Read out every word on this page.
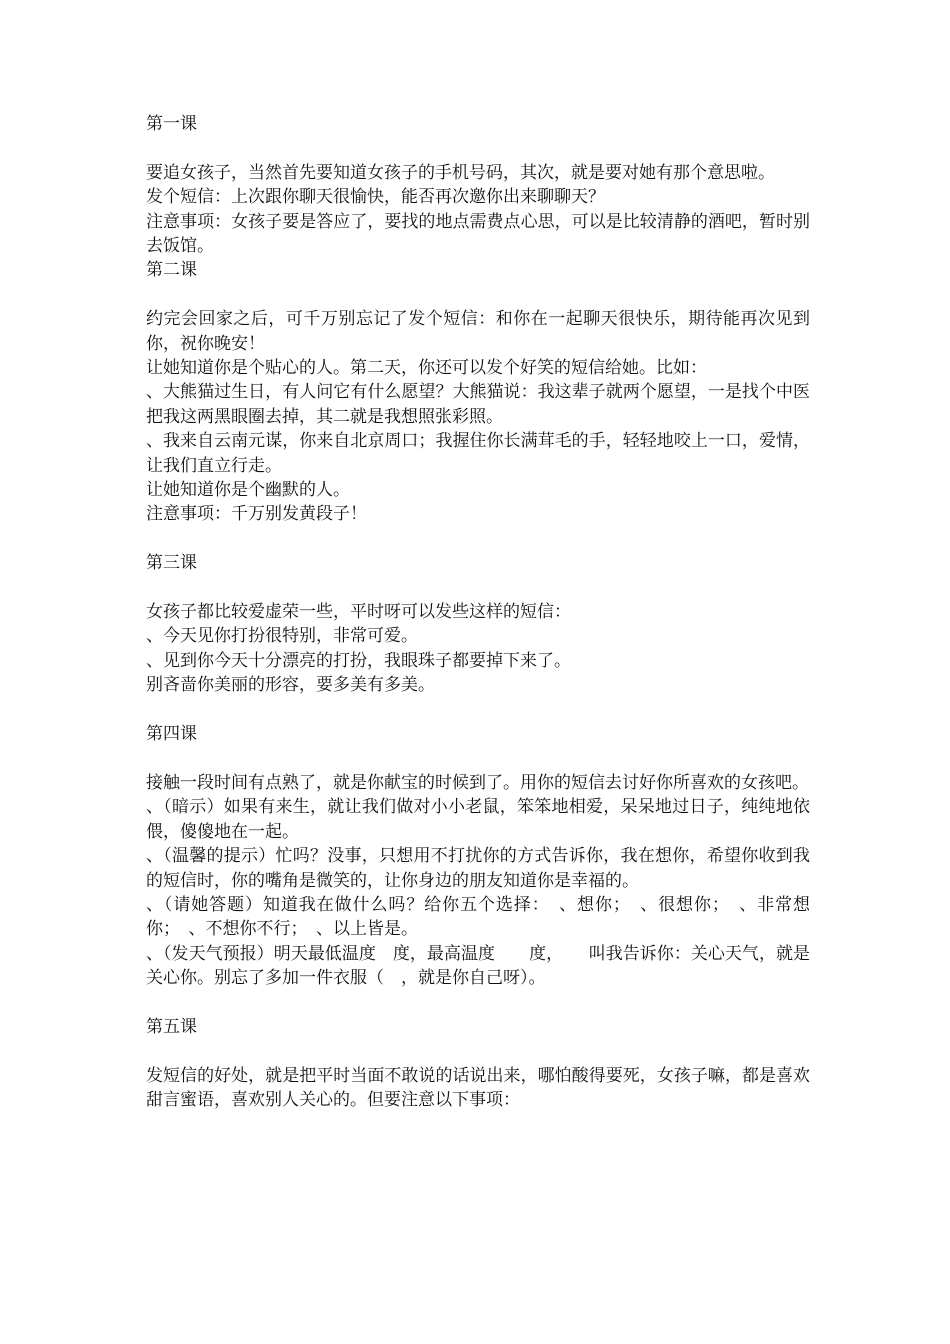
第一课

要追女孩子，当然首先要知道女孩子的手机号码，其次，就是要对她有那个意思啦。

发个短信：上次跟你聊天很愉快，能否再次邀你出来聊聊天？

注意事项：女孩子要是答应了，要找的地点需费点心思，可以是比较清静的酒吧，暂时别去饭馆。

第二课

约完会回家之后，可千万别忘记了发个短信：和你在一起聊天很快乐，期待能再次见到你，祝你晚安！

让她知道你是个贴心的人。第二天，你还可以发个好笑的短信给她。比如：

、大熊猫过生日，有人问它有什么愿望？大熊猫说：我这辈子就两个愿望，一是找个中医把我这两黑眼圈去掉，其二就是我想照张彩照。

、我来自云南元谋，你来自北京周口；我握住你长满茸毛的手，轻轻地咬上一口，爱情，让我们直立行走。

让她知道你是个幽默的人。

注意事项：千万别发黄段子！

第三课

女孩子都比较爱虚荣一些，平时呀可以发些这样的短信：

、今天见你打扮很特别，非常可爱。

、见到你今天十分漂亮的打扮，我眼珠子都要掉下来了。

别吝啬你美丽的形容，要多美有多美。

第四课

接触一段时间有点熟了，就是你献宝的时候到了。用你的短信去讨好你所喜欢的女孩吧。

、（暗示）如果有来生，就让我们做对小小老鼠，笨笨地相爱，呆呆地过日子，纯纯地依偎，傻傻地在一起。

、（温馨的提示）忙吗？没事，只想用不打扰你的方式告诉你，我在想你，希望你收到我的短信时，你的嘴角是微笑的，让你身边的朋友知道你是幸福的。

、（请她答题）知道我在做什么吗？给你五个选择：　、想你；　、很想你；　、非常想你；　、不想你不行；　、以上皆是。

、（发天气预报）明天最低温度　度，最高温度　　度，　　叫我告诉你：关心天气，就是关心你。别忘了多加一件衣服（　，就是你自己呀）。

第五课

发短信的好处，就是把平时当面不敢说的话说出来，哪怕酸得要死，女孩子嘛，都是喜欢甜言蜜语，喜欢别人关心的。但要注意以下事项：
